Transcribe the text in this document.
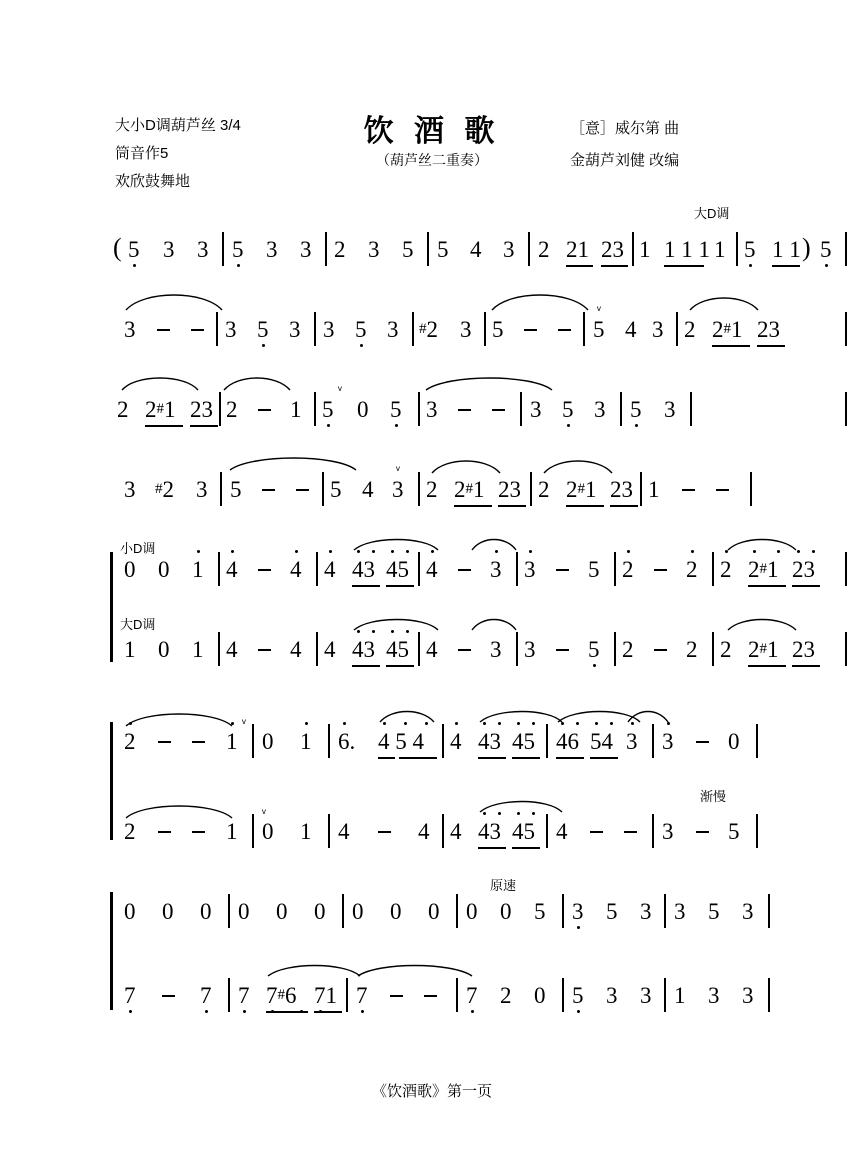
大小D调葫芦丝 3/4
筒音作5
欢欣鼓舞地
饮 酒 歌
（葫芦丝二重奏）
［意］威尔第 曲
金葫芦刘健 改编
大D调
( 5 3 3 5 3 3 2 3 5 5 4 3 2 21 23 1 1 1 1 1 5 1 1 ) 5
3	3 5 3 3 5 3 #2 3 5
ᵛ
5 4 3 2 2#1 23
2 2#1 23 2 1
ᵛ
5 0 5 3	3 5 3 5 3
3 #2 3 5	5 4
ᵛ
3 2 2#1 23 2 2#1 23 1
小D调
0 0 1 4 4 4 43 45 4 3 3 5 2 2 2 2#1 23
大D调
1 0 1 4 4 4 43 45 4 3 3 5 2 2 2 2#1 23
2	1
ᵛ
0 1 6. 4 5 4 4 43 45 46 54 3 3 0
渐慢
2	1
ᵛ
0 1 4	4 4 43 45 4	3 5
原速
0 0 0 0 0 0 0 0 0 0 0 5 3 5 3 3 5 3
7	7 7 7#6 71 7	7 2 0 5 3 3 1 3 3
《饮酒歌》第一页
